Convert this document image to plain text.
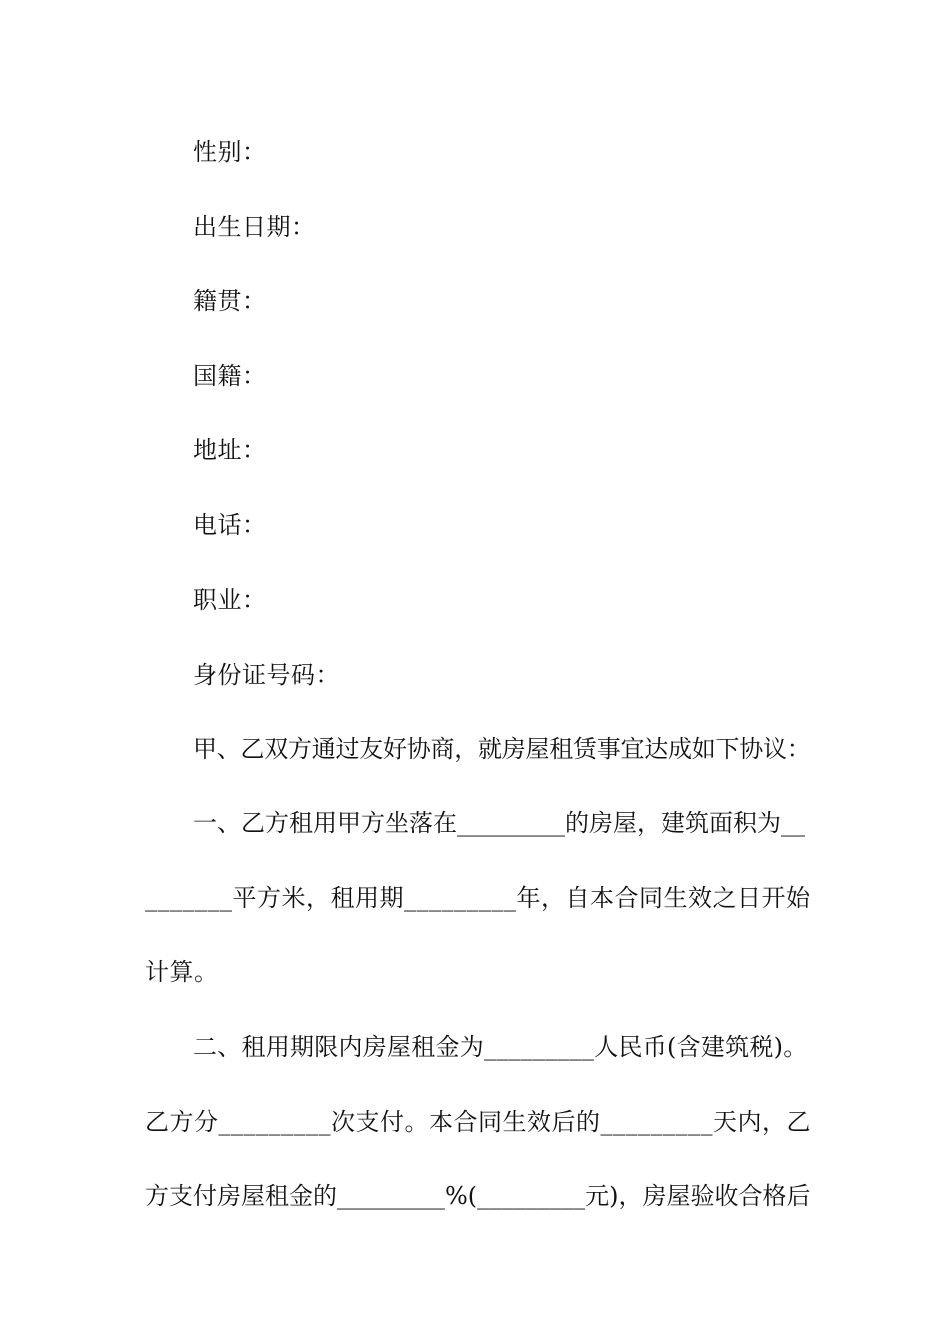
性别：
出生日期：
籍贯：
国籍：
地址：
电话：
职业：
身份证号码：
甲、乙双方通过友好协商，就房屋租赁事宜达成如下协议：
一、乙方租用甲方坐落在_________的房屋，建筑面积为__
_______平方米，租用期_________年，自本合同生效之日开始
计算。
二、租用期限内房屋租金为_________人民币(含建筑税)。
乙方分_________次支付。本合同生效后的_________天内，乙
方支付房屋租金的_________%(_________元)，房屋验收合格后
